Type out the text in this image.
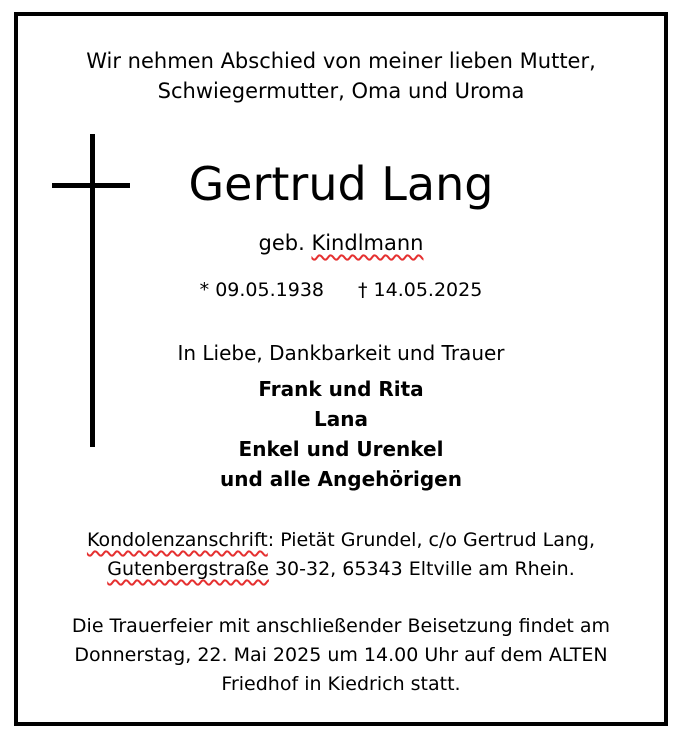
Wir nehmen Abschied von meiner lieben Mutter,
Schwiegermutter, Oma und Uroma
Gertrud Lang
geb. Kindlmann
* 09.05.1938 † 14.05.2025
In Liebe, Dankbarkeit und Trauer
Frank und Rita
Lana
Enkel und Urenkel
und alle Angehörigen
Kondolenzanschrift: Pietät Grundel, c/o Gertrud Lang,
Gutenbergstraße 30-32, 65343 Eltville am Rhein.
Die Trauerfeier mit anschließender Beisetzung findet am
Donnerstag, 22. Mai 2025 um 14.00 Uhr auf dem ALTEN
Friedhof in Kiedrich statt.
